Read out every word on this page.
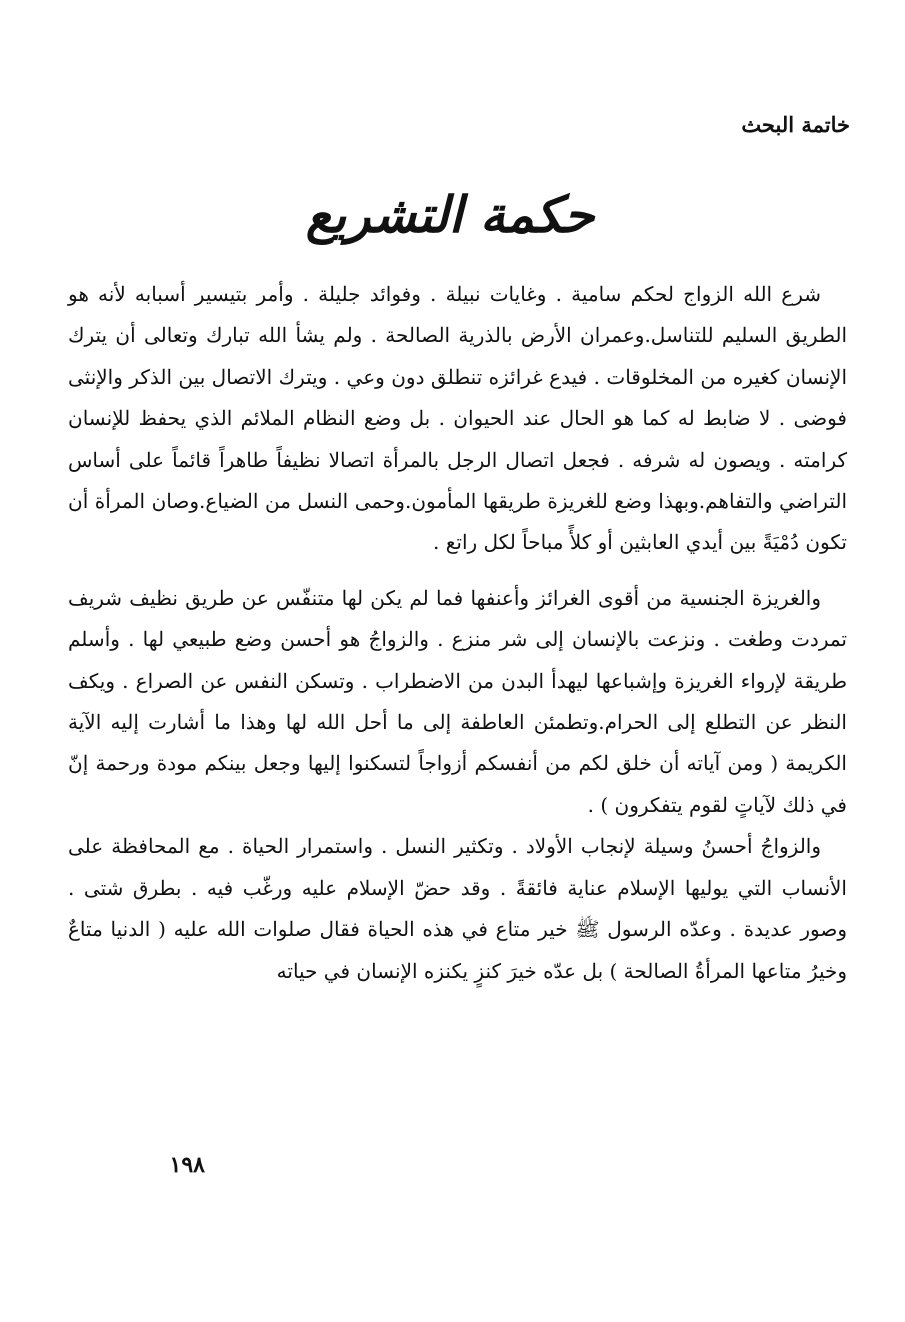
خاتمة البحث
حكمة التشريع

شرع الله الزواج لحكم سامية . وغايات نبيلة . وفوائد جليلة . وأمر بتيسير أسبابه لأنه هو الطريق السليم للتناسل.وعمران الأرض بالذرية الصالحة . ولم يشأ الله تبارك وتعالى أن يترك الإنسان كغيره من المخلوقات . فيدع غرائزه تنطلق دون وعي . ويترك الاتصال بين الذكر والإنثى فوضى . لا ضابط له كما هو الحال عند الحيوان . بل وضع النظام الملائم الذي يحفظ للإنسان كرامته . ويصون له شرفه . فجعل اتصال الرجل بالمرأة اتصالا نظيفاً طاهراً قائماً على أساس التراضي والتفاهم.وبهذا وضع للغريزة طريقها المأمون.وحمى النسل من الضياع.وصان المرأة أن تكون دُمْيَةً بين أيدي العابثين أو كلأً مباحاً لكل راتع .

والغريزة الجنسية من أقوى الغرائز وأعنفها فما لم يكن لها متنفّس عن طريق نظيف شريف تمردت وطغت . ونزعت بالإنسان إلى شر منزع . والزواجُ هو أحسن وضع طبيعي لها . وأسلم طريقة لإرواء الغريزة وإشباعها ليهدأ البدن من الاضطراب . وتسكن النفس عن الصراع . ويكف النظر عن التطلع إلى الحرام.وتطمئن العاطفة إلى ما أحل الله لها وهذا ما أشارت إليه الآية الكريمة ( ومن آياته أن خلق لكم من أنفسكم أزواجاً لتسكنوا إليها وجعل بينكم مودة ورحمة إنّ في ذلك لآياتٍ لقوم يتفكرون ) .

والزواجُ أحسنُ وسيلة لإنجاب الأولاد . وتكثير النسل . واستمرار الحياة . مع المحافظة على الأنساب التي يوليها الإسلام عناية فائقةً . وقد حضّ الإسلام عليه ورغّب فيه . بطرق شتى . وصور عديدة . وعدّه الرسول ﷺ خير متاع في هذه الحياة فقال صلوات الله عليه ( الدنيا متاعٌ وخيرُ متاعها المرأةُ الصالحة ) بل عدّه خيرَ كنزٍ يكنزه الإنسان في حياته

١٩٨
